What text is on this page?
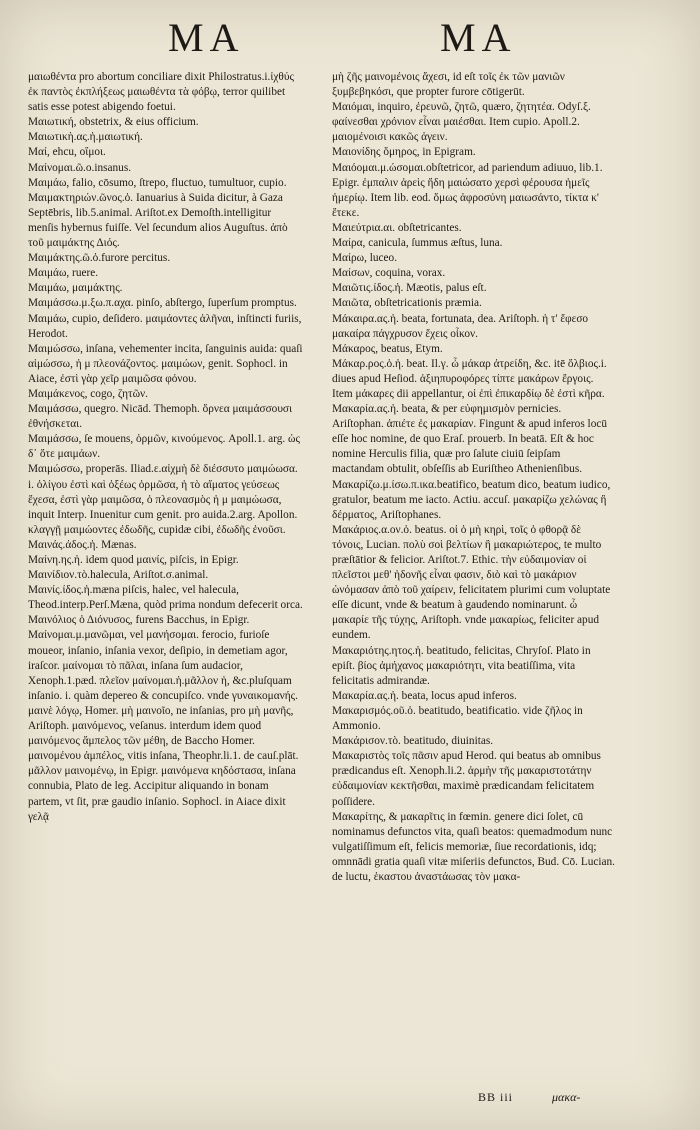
MA	MA

μαιωθέντα pro abortum conciliare dixit Philostratus.i.ἰχθύς ἐκ παντὸς ἐκπλήξεως μαιωθέντα τὰ φόβῳ, terror quilibet satis esse potest abigendo foetui.

Μαιωτική, obstetrix, & eius officium.

Μαιωτικὴ.ας.ἡ.μαιωτική.

Μαί, ehcu, οἴμοι.

Μαίνομαι.ῶ.ο.insanus.

Μαιμάω, falio, cōsumo, ſtrepo, fluctuo, tumultuor, cupio.

Μαιμακτηριών.ῶνος.ὁ. Ianuarius à Suida dicitur, à Gaza Septēbris, lib.5.animal. Ariſtot.ex Demoſth.intelligitur menſis hybernus fuiſſe. Vel ſecundum alios Auguſtus. ἀπὸ τοῦ μαιμάκτης Διός.

Μαιμάκτης.ῶ.ὁ.furore percitus.

Μαιμάω, ruere.

Μαιμάω, μαιμάκτης.

Μαιμάσσω.μ.ξω.π.αχα. pinſo, abſtergo, ſuperſum promptus.

Μαιμάω, cupio, deſidero. μαιμάοντες ἀλῆναι, inſtincti furiis, Herodot.

Μαιμώσσω, inſana, vehementer incita, ſanguinis auida: quaſi αἱμώσσω, ἡ μ πλεονάζοντος. μαιμώων, genit. Sophocl. in Aiace, ἐστὶ γὰρ χεῖρ μαιμῶσα φόνου.

Μαιμάκενος, cogo, ζητῶν.

Μαιμάσσω, quegro. Nicād. Themoph. ὄρνεα μαιμάσσουσι ἐθνήσκεται.

Μαιμάσσω, ſe mouens, ὁρμῶν, κινούμενος. Apoll.1. arg. ὡς δ᾽ ὅτε μαιμάων.

Μαιμώσσω, properās. Iliad.ε.αἰχμὴ δὲ διέσσυτο μαιμώωσα. i. ὀλίγου ἐστὶ καὶ ὀξέως ὁρμῶσα, ἡ τὸ αἵματος γεύσεως ἔχεσα, ἐστὶ γὰρ μαιμῶσα, ὁ πλεονασμὸς ἡ μ μαιμώωσα, inquit Interp. Inuenitur cum genit. pro auida.2.arg. Apollon. κλαγγῇ μαιμώοντες ἐδωδῆς, cupidæ cibi, ἐδωδῆς ἐνοῦσι.

Μαινάς.άδος.ἡ. Mænas.

Μαίνη.ης.ἡ. idem quod μαινίς, piſcis, in Epigr.

Μαινίδιον.τὸ.halecula, Ariſtot.σ.animal.

Μαινίς.ίδος.ἡ.mæna piſcis, halec, vel halecula, Theod.interp.Perſ.Mæna, quòd prima nondum defecerit orca.

Μαινόλιος ὁ Διόνυσος, furens Bacchus, in Epigr.

Μαίνομαι.μ.μανῶμαι, vel μανήσομαι. ferocio, furioſe moueor, inſanio, inſania vexor, deſipio, in demetiam agor, iraſcor. μαίνομαι τὸ πᾶλαι, inſana ſum audacior, Xenoph.1.pæd. πλεῖον μαίνομαι.ἡ.μᾶλλον ἡ, &c.pluſquam inſanio. i. quàm depereo & concupiſco. vnde γυναικομανής. μαινὲ λόγῳ, Homer. μὴ μαινοῖο, ne inſanias, pro μὴ μανῆς, Ariſtoph. μαινόμενος, veſanus. interdum idem quod μαινόμενος ἄμπελος τῶν μέθη, de Baccho Homer. μαινομένου ἀμπέλος, vitis inſana, Theophr.li.1. de cauſ.plāt. μᾶλλον μαινομένῳ, in Epigr. μαινόμενα κηδόστασα, inſana connubia, Plato de leg. Accipitur aliquando in bonam partem, vt ſit, præ gaudio inſanio. Sophocl. in Aiace dixit γελᾷ

μὴ ζῆς μαινομένοις ἄχεσι, id eſt τοῖς ἐκ τῶν μανιῶν ξυμβεβηκόσι, que propter furore cōtigerūt.

Μαιόμαι, inquiro, ἐρευνῶ, ζητῶ, quæro, ζητητέα. Odyſ.ξ. φαίνεσθαι χρόνιον εἶναι μαιέσθαι. Item cupio. Apoll.2. μαιομένοισι κακῶς ἀγειν.

Μαιονίδης ὅμηρος, in Epigram.

Μαιόομαι.μ.ώσομαι.obſtetricor, ad pariendum adiuuo, lib.1. Epigr. ἐμπαλιν ἀρεὶς ἤδη μαιώσατο χερσὶ φέρουσα ἡμεῖς ἡμερίῳ. Item lib. eod. ὅμως ἀφροσύνη μαιωσάντο, τίκτα κ' ἔτεκε.

Μαιεύτρια.αι. obſtetricantes.

Μαίρα, canicula, ſummus æſtus, luna.

Μαίρω, luceo.

Μαίσων, coquina, vorax.

Μαιῶτις.ίδος.ἡ. Mæotis, palus eſt.

Μαιῶτα, obſtetricationis præmia.

Μάκαιρα.ας.ἡ. beata, fortunata, dea. Ariſtoph. ἡ τ' ἔφεσο μακαίρα πάγχρυσον ἔχεις οἶκον.

Μάκαρος, beatus, Etym.

Μάκαρ.ρος.ὁ.ἡ. beat. Il.γ. ὦ μάκαρ ἀτρείδη, &c. itē ὄλβιος.i. diues apud Heſiod. ἀξιηπυροφόρες τίπτε μακάρων ἔργοις. Item μάκαρες dii appellantur, οἱ ἐπὶ ἐπικαρδίῳ δὲ ἐστὶ κῆρα.

Μακαρία.ας.ἡ. beata, & per εὐφημισμὸν pernicies. Ariſtophan. ἀπιέτε ἐς μακαρίαν. Fingunt & apud inferos locū eſſe hoc nomine, de quo Eraſ. prouerb. In beatā. Eſt & hoc nomine Herculis filia, quæ pro ſalute ciuiū ſeipſam mactandam obtulit, obſeſſis ab Euriſtheo Athenienſibus.

Μακαρίζω.μ.ίσω.π.ικα.beatifico, beatum dico, beatum iudico, gratulor, beatum me iacto. Actiu. accuſ. μακαρίζω χελώνας ἢ δέρματος, Ariſtophanes.

Μακάριος.α.ον.ὁ. beatus. οἱ ὁ μὴ κηρὶ, τοῖς ὁ φθορᾷ δὲ τόνοις, Lucian. πολὺ σοὶ βελτίων ἢ μακαριώτερος, te multo præſtātior & felicior. Ariſtot.7. Ethic. τὴν εὐδαιμονίαν οἱ πλεῖστοι μεθ' ἡδονῆς εἶναι φασιν, διὸ καὶ τὸ μακάριον ὠνόμασαν ἀπὸ τοῦ χαίρειν, felicitatem plurimi cum voluptate eſſe dicunt, vnde & beatum à gaudendo nominarunt. ὦ μακαρίε τῆς τύχης, Ariſtoph. vnde μακαρίως, feliciter apud eundem.

Μακαριότης.ητος.ἡ. beatitudo, felicitas, Chryſoſ. Plato in epiſt. βίος ἀμήχανος μακαριότητι, vita beatiſſima, vita felicitatis admirandæ.

Μακαρία.ας.ἡ. beata, locus apud inferos.

Μακαρισμός.οῦ.ὁ. beatitudo, beatificatio. vide ζῆλος in Ammonio.

Μακάρισον.τὸ. beatitudo, diuinitas.

Μακαριστὸς τοῖς πᾶσιν apud Herod. qui beatus ab omnibus prædicandus eſt. Xenoph.li.2. ἀρμὴν τῆς μακαριστοτάτην εὐδαιμονίαν κεκτῆσθαι, maximè prædicandam felicitatem poſſidere.

Μακαρίτης, & μακαρῖτις in fœmin. genere dici ſolet, cū nominamus defunctos vita, quaſi beatos: quemadmodum nunc vulgatiſſimum eſt, felicis memoriæ, ſiue recordationis, idq; omnnādi gratia quaſi vitæ miſeriis defunctos, Bud. Cō. Lucian. de luctu, ἑκαστου ἀναστάωσας τὸν μακα-

BB iii	μακα-
